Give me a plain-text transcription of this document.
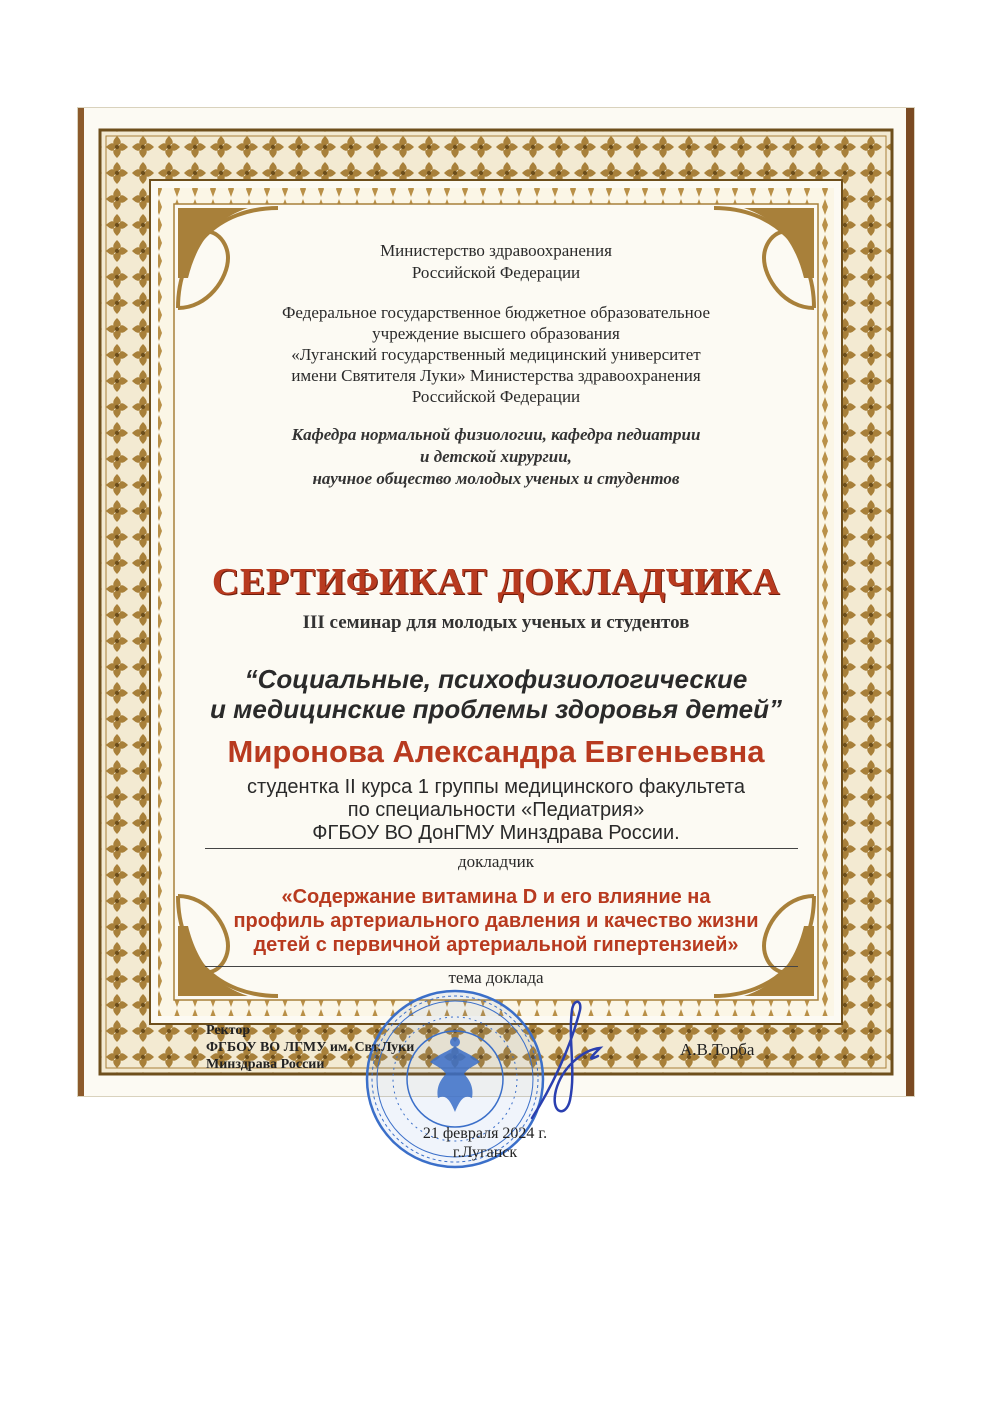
Министерство здравоохранения
Российской Федерации
Федеральное государственное бюджетное образовательное
учреждение высшего образования
«Луганский государственный медицинский университет
имени Святителя Луки» Министерства здравоохранения
Российской Федерации
Кафедра нормальной физиологии, кафедра педиатрии
и детской хирургии,
научное общество молодых ученых и студентов
СЕРТИФИКАТ ДОКЛАДЧИКА
III семинар для молодых ученых и студентов
“Социальные, психофизиологические
и медицинские проблемы здоровья детей”
Миронова Александра Евгеньевна
студентка II курса 1 группы медицинского факультета
по специальности «Педиатрия»
ФГБОУ ВО ДонГМУ Минздрава России.
докладчик
«Содержание витамина D и его влияние на
профиль артериального давления и качество жизни
детей с первичной артериальной гипертензией»
тема доклада
Ректор
ФГБОУ ВО ЛГМУ им. Свт.Луки
Минздрава России
А.В.Торба
21 февраля 2024 г.
г.Луганск
